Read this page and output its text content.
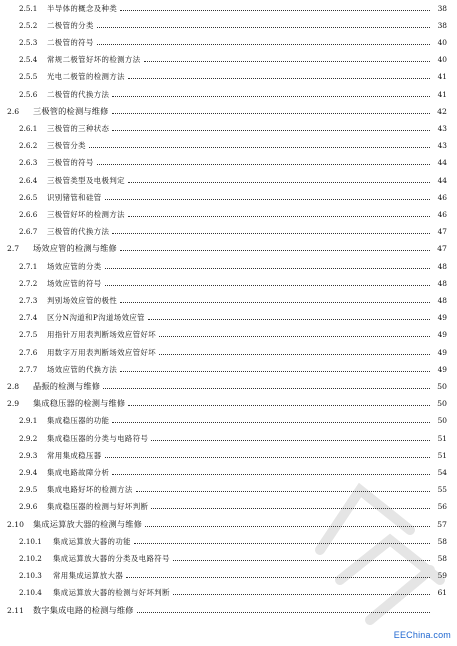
2.5.1	半导体的概念及种类	38
2.5.2	二极管的分类	38
2.5.3	二极管的符号	40
2.5.4	常规二极管好坏的检测方法	40
2.5.5	光电二极管的检测方法	41
2.5.6	二极管的代换方法	41
2.6	三极管的检测与维修	42
2.6.1	三极管的三种状态	43
2.6.2	三极管分类	43
2.6.3	三极管的符号	44
2.6.4	三极管类型及电极判定	44
2.6.5	识别锗管和硅管	46
2.6.6	三极管好坏的检测方法	46
2.6.7	三极管的代换方法	47
2.7	场效应管的检测与维修	47
2.7.1	场效应管的分类	48
2.7.2	场效应管的符号	48
2.7.3	判别场效应管的极性	48
2.7.4	区分N沟道和P沟道场效应管	49
2.7.5	用指针万用表判断场效应管好坏	49
2.7.6	用数字万用表判断场效应管好坏	49
2.7.7	场效应管的代换方法	49
2.8	晶振的检测与维修	50
2.9	集成稳压器的检测与维修	50
2.9.1	集成稳压器的功能	50
2.9.2	集成稳压器的分类与电路符号	51
2.9.3	常用集成稳压器	51
2.9.4	集成电路故障分析	54
2.9.5	集成电路好坏的检测方法	55
2.9.6	集成稳压器的检测与好坏判断	56
2.10	集成运算放大器的检测与维修	57
2.10.1	集成运算放大器的功能	58
2.10.2	集成运算放大器的分类及电路符号	58
2.10.3	常用集成运算放大器	59
2.10.4	集成运算放大器的检测与好坏判断	61
2.11	数字集成电路的检测与维修
EEChina.com
